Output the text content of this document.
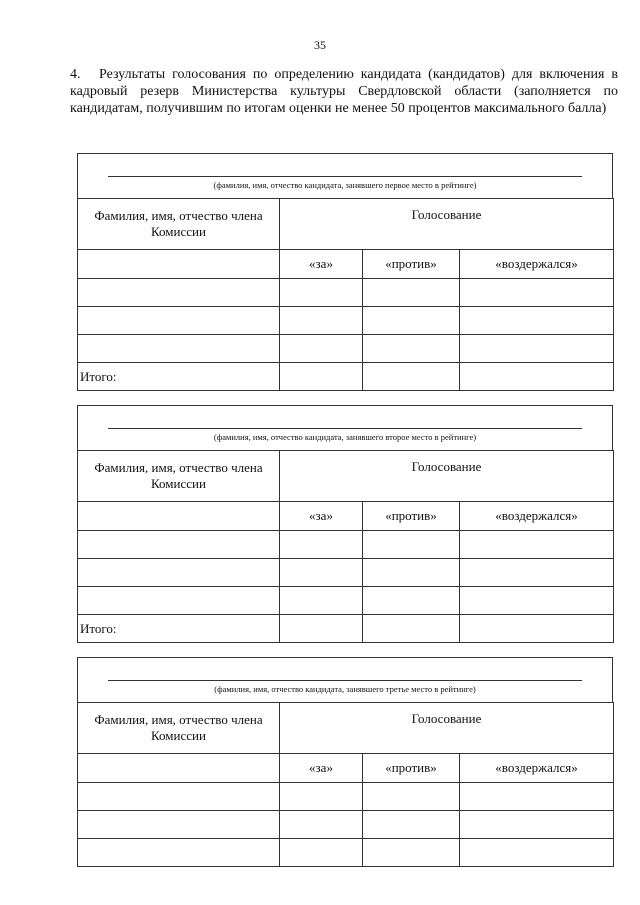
35
4. Результаты голосования по определению кандидата (кандидатов) для включения в кадровый резерв Министерства культуры Свердловской области (заполняется по кандидатам, получившим по итогам оценки не менее 50 процентов максимального балла)
(фамилия, имя, отчество кандидата, занявшего первое место в рейтинге)
Фамилия, имя, отчество члена Комиссии	Голосование		

	«за»	«против»	«воздержался»

Итого:			
(фамилия, имя, отчество кандидата, занявшего второе место в рейтинге)
Фамилия, имя, отчество члена Комиссии	Голосование		

	«за»	«против»	«воздержался»

Итого:			
(фамилия, имя, отчество кандидата, занявшего третье место в рейтинге)
Фамилия, имя, отчество члена Комиссии	Голосование		

	«за»	«против»	«воздержался»
